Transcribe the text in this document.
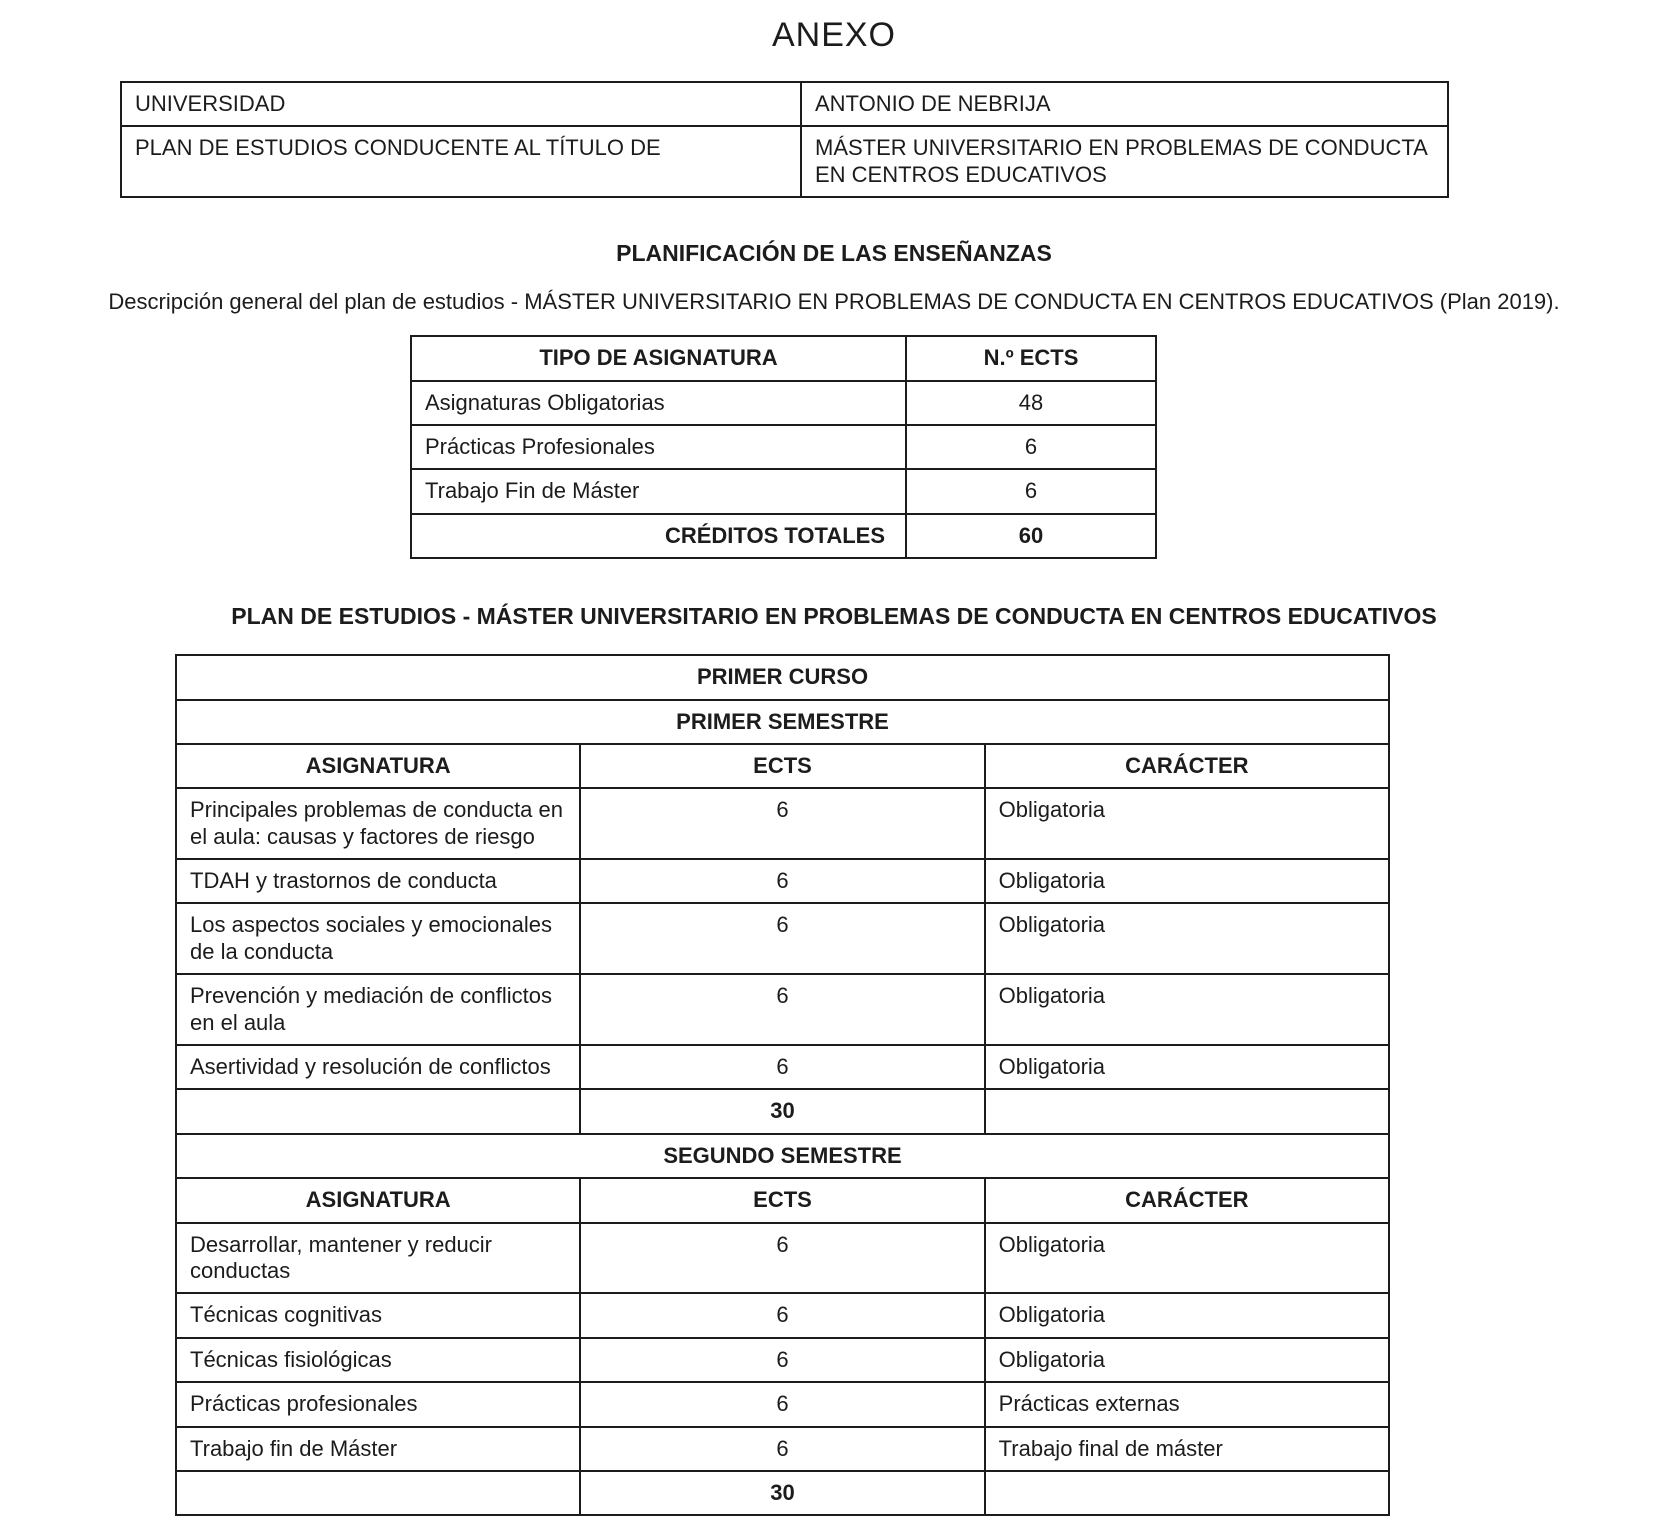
ANEXO
UNIVERSIDAD	ANTONIO DE NEBRIJA
PLAN DE ESTUDIOS CONDUCENTE AL TÍTULO DE	MÁSTER UNIVERSITARIO EN PROBLEMAS DE CONDUCTA EN CENTROS EDUCATIVOS
PLANIFICACIÓN DE LAS ENSEÑANZAS

Descripción general del plan de estudios - MÁSTER UNIVERSITARIO EN PROBLEMAS DE CONDUCTA EN CENTROS EDUCATIVOS (Plan 2019).

TIPO DE ASIGNATURA	N.º ECTS
Asignaturas Obligatorias	48
Prácticas Profesionales	6
Trabajo Fin de Máster	6
CRÉDITOS TOTALES	60
PLAN DE ESTUDIOS - MÁSTER UNIVERSITARIO EN PROBLEMAS DE CONDUCTA EN CENTROS EDUCATIVOS
PRIMER CURSO		
PRIMER SEMESTRE		
ASIGNATURA	ECTS	CARÁCTER
Principales problemas de conducta en el aula: causas y factores de riesgo	6	Obligatoria
TDAH y trastornos de conducta	6	Obligatoria
Los aspectos sociales y emocionales de la conducta	6	Obligatoria
Prevención y mediación de conflictos en el aula	6	Obligatoria
Asertividad y resolución de conflictos	6	Obligatoria
	30	
SEGUNDO SEMESTRE		
ASIGNATURA	ECTS	CARÁCTER
Desarrollar, mantener y reducir conductas	6	Obligatoria
Técnicas cognitivas	6	Obligatoria
Técnicas fisiológicas	6	Obligatoria
Prácticas profesionales	6	Prácticas externas
Trabajo fin de Máster	6	Trabajo final de máster
	30	
